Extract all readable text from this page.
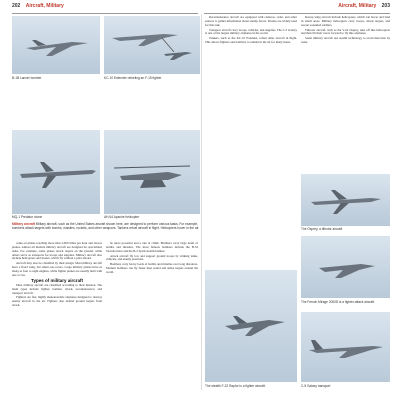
202 Aircraft, Military	Aircraft, Military 203
B-1B Lancer bomber	KC-10 Extender refueling an F-15 fighter
MQ-1 Predator drone	AH-64 Apache helicopter
Military aircraft Military aircraft, such as the United States aircraft shown here, are designed to perform various tasks. For example, bombers attack targets with bombs, missiles, rockets, and other weapons. Tankers refuel aircraft in flight. Helicopters hover in the air.

come on planes reaching more than 2,000 miles per hour and slower planes. Almost all modern military aircraft are designed for specialized tasks. For example, some planes attack targets on the ground, while others serve as transports for troops and supplies. Military aircraft also include helicopters and drones, which fly without a pilot aboard.

Aircraft may also be classified by their design. Most military aircraft have a fixed wing, but others use rotors. Large military planes have as many as four to eight engines, while fighter planes are usually built with one or two.

Types of military aircraft

Most military aircraft are classified according to their mission. The main types include fighter, bomber, attack, reconnaissance, and transport aircraft.

Fighters are fast, highly maneuverable airplanes designed to destroy enemy aircraft in the air. Fighters also defend ground targets from attack.

be more powerful and a rate of climb. Bombers carry large loads of bombs and missiles. The most famous bombers include the B-52 Stratofortress and the B-2 Spirit stealth bomber.

Attack aircraft fly low and support ground troops by striking tanks, vehicles, and enemy positions.

Bombers carry heavy loads of bombs and missiles over long distances. Modern bombers can fly faster than sound and strike targets around the world.

Reconnaissance aircraft are equipped with cameras, radar, and other sensors to gather information about enemy forces. Drones are widely used for this task.

Transport aircraft carry troops, vehicles, and supplies. The C-5 Galaxy is one of the largest military airplanes in the world.

Tankers, such as the KC-10 Extender, refuel other aircraft in flight. This allows fighters and bombers to remain in the air for many hours.

Rotary-wing aircraft include helicopters, which can hover and land in small areas. Military helicopters carry troops, attack targets, and rescue wounded soldiers.

Tiltrotor aircraft, such as the V-22 Osprey, take off like helicopters and then tilt their rotors forward to fly like airplanes.

Some military aircraft use stealth technology to avoid detection by radar.

The Osprey, a tiltrotor aircraft
The stealth F-22 Raptor is a fighter aircraft.
The French Mirage 2000D is a fighter-attack aircraft.
C-5 Galaxy transport
